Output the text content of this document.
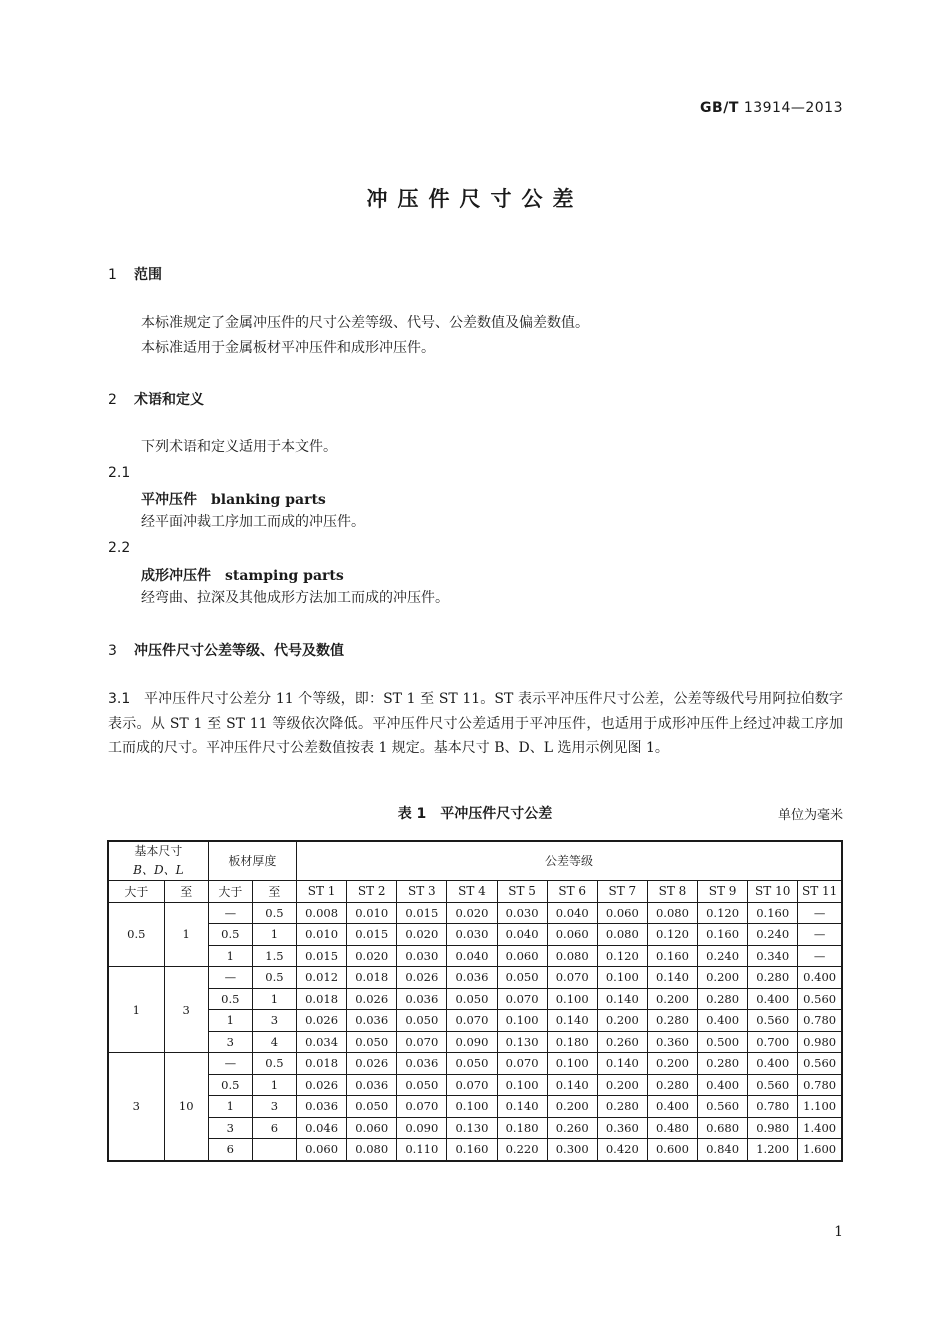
GB/T 13914—2013
冲压件尺寸公差
1 范围
本标准规定了金属冲压件的尺寸公差等级、代号、公差数值及偏差数值。
本标准适用于金属板材平冲压件和成形冲压件。
2 术语和定义
下列术语和定义适用于本文件。
2.1
平冲压件 blanking parts
经平面冲裁工序加工而成的冲压件。
2.2
成形冲压件 stamping parts
经弯曲、拉深及其他成形方法加工而成的冲压件。
3 冲压件尺寸公差等级、代号及数值
3.1 平冲压件尺寸公差分 11 个等级，即：ST 1 至 ST 11。ST 表示平冲压件尺寸公差，公差等级代号用阿拉伯数字表示。从 ST 1 至 ST 11 等级依次降低。平冲压件尺寸公差适用于平冲压件，也适用于成形冲压件上经过冲裁工序加工而成的尺寸。平冲压件尺寸公差数值按表 1 规定。基本尺寸 B、D、L 选用示例见图 1。
表 1　平冲压件尺寸公差	单位为毫米
基本尺寸
B、D、L		板材厚度		公差等级										
大于	至	大于	至	ST 1	ST 2	ST 3	ST 4	ST 5	ST 6	ST 7	ST 8	ST 9	ST 10	ST 11
0.5	1	—	0.5	0.008	0.010	0.015	0.020	0.030	0.040	0.060	0.080	0.120	0.160	—
		0.5	1	0.010	0.015	0.020	0.030	0.040	0.060	0.080	0.120	0.160	0.240	—
		1	1.5	0.015	0.020	0.030	0.040	0.060	0.080	0.120	0.160	0.240	0.340	—
1	3	—	0.5	0.012	0.018	0.026	0.036	0.050	0.070	0.100	0.140	0.200	0.280	0.400
		0.5	1	0.018	0.026	0.036	0.050	0.070	0.100	0.140	0.200	0.280	0.400	0.560
		1	3	0.026	0.036	0.050	0.070	0.100	0.140	0.200	0.280	0.400	0.560	0.780
		3	4	0.034	0.050	0.070	0.090	0.130	0.180	0.260	0.360	0.500	0.700	0.980
3	10	—	0.5	0.018	0.026	0.036	0.050	0.070	0.100	0.140	0.200	0.280	0.400	0.560
		0.5	1	0.026	0.036	0.050	0.070	0.100	0.140	0.200	0.280	0.400	0.560	0.780
		1	3	0.036	0.050	0.070	0.100	0.140	0.200	0.280	0.400	0.560	0.780	1.100
		3	6	0.046	0.060	0.090	0.130	0.180	0.260	0.360	0.480	0.680	0.980	1.400
		6		0.060	0.080	0.110	0.160	0.220	0.300	0.420	0.600	0.840	1.200	1.600
1
